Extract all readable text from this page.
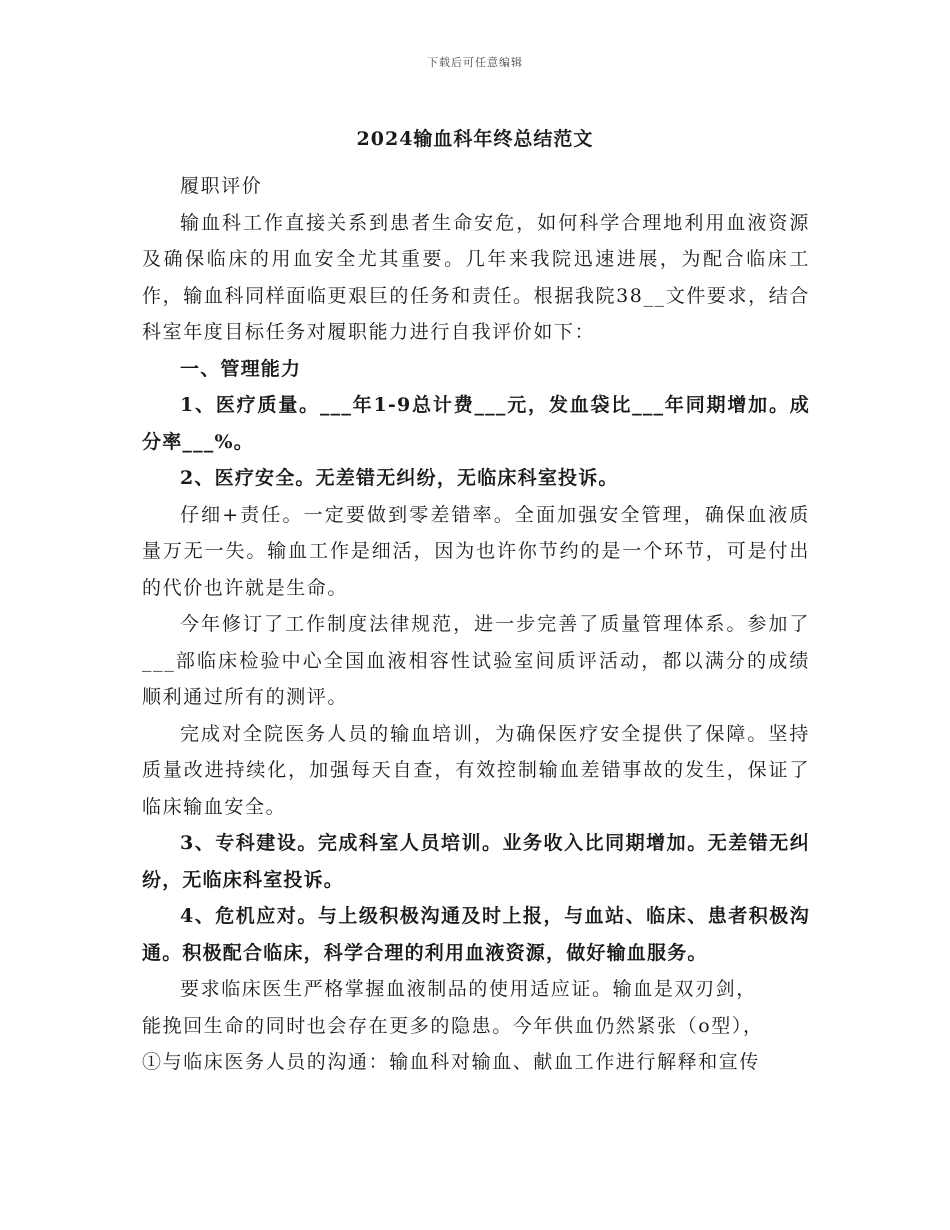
下载后可任意编辑
2024输血科年终总结范文

履职评价

输血科工作直接关系到患者生命安危，如何科学合理地利用血液资源及确保临床的用血安全尤其重要。几年来我院迅速进展，为配合临床工作，输血科同样面临更艰巨的任务和责任。根据我院38__文件要求，结合科室年度目标任务对履职能力进行自我评价如下：

一、管理能力

1、医疗质量。___年1-9总计费___元，发血袋比___年同期增加。成分率___%。

2、医疗安全。无差错无纠纷，无临床科室投诉。

仔细+责任。一定要做到零差错率。全面加强安全管理，确保血液质量万无一失。输血工作是细活，因为也许你节约的是一个环节，可是付出的代价也许就是生命。

今年修订了工作制度法律规范，进一步完善了质量管理体系。参加了___部临床检验中心全国血液相容性试验室间质评活动，都以满分的成绩顺利通过所有的测评。

完成对全院医务人员的输血培训，为确保医疗安全提供了保障。坚持质量改进持续化，加强每天自查，有效控制输血差错事故的发生，保证了临床输血安全。

3、专科建设。完成科室人员培训。业务收入比同期增加。无差错无纠纷，无临床科室投诉。

4、危机应对。与上级积极沟通及时上报，与血站、临床、患者积极沟通。积极配合临床，科学合理的利用血液资源，做好输血服务。

要求临床医生严格掌握血液制品的使用适应证。输血是双刃剑，

能挽回生命的同时也会存在更多的隐患。今年供血仍然紧张（o型），

①与临床医务人员的沟通：输血科对输血、献血工作进行解释和宣传
